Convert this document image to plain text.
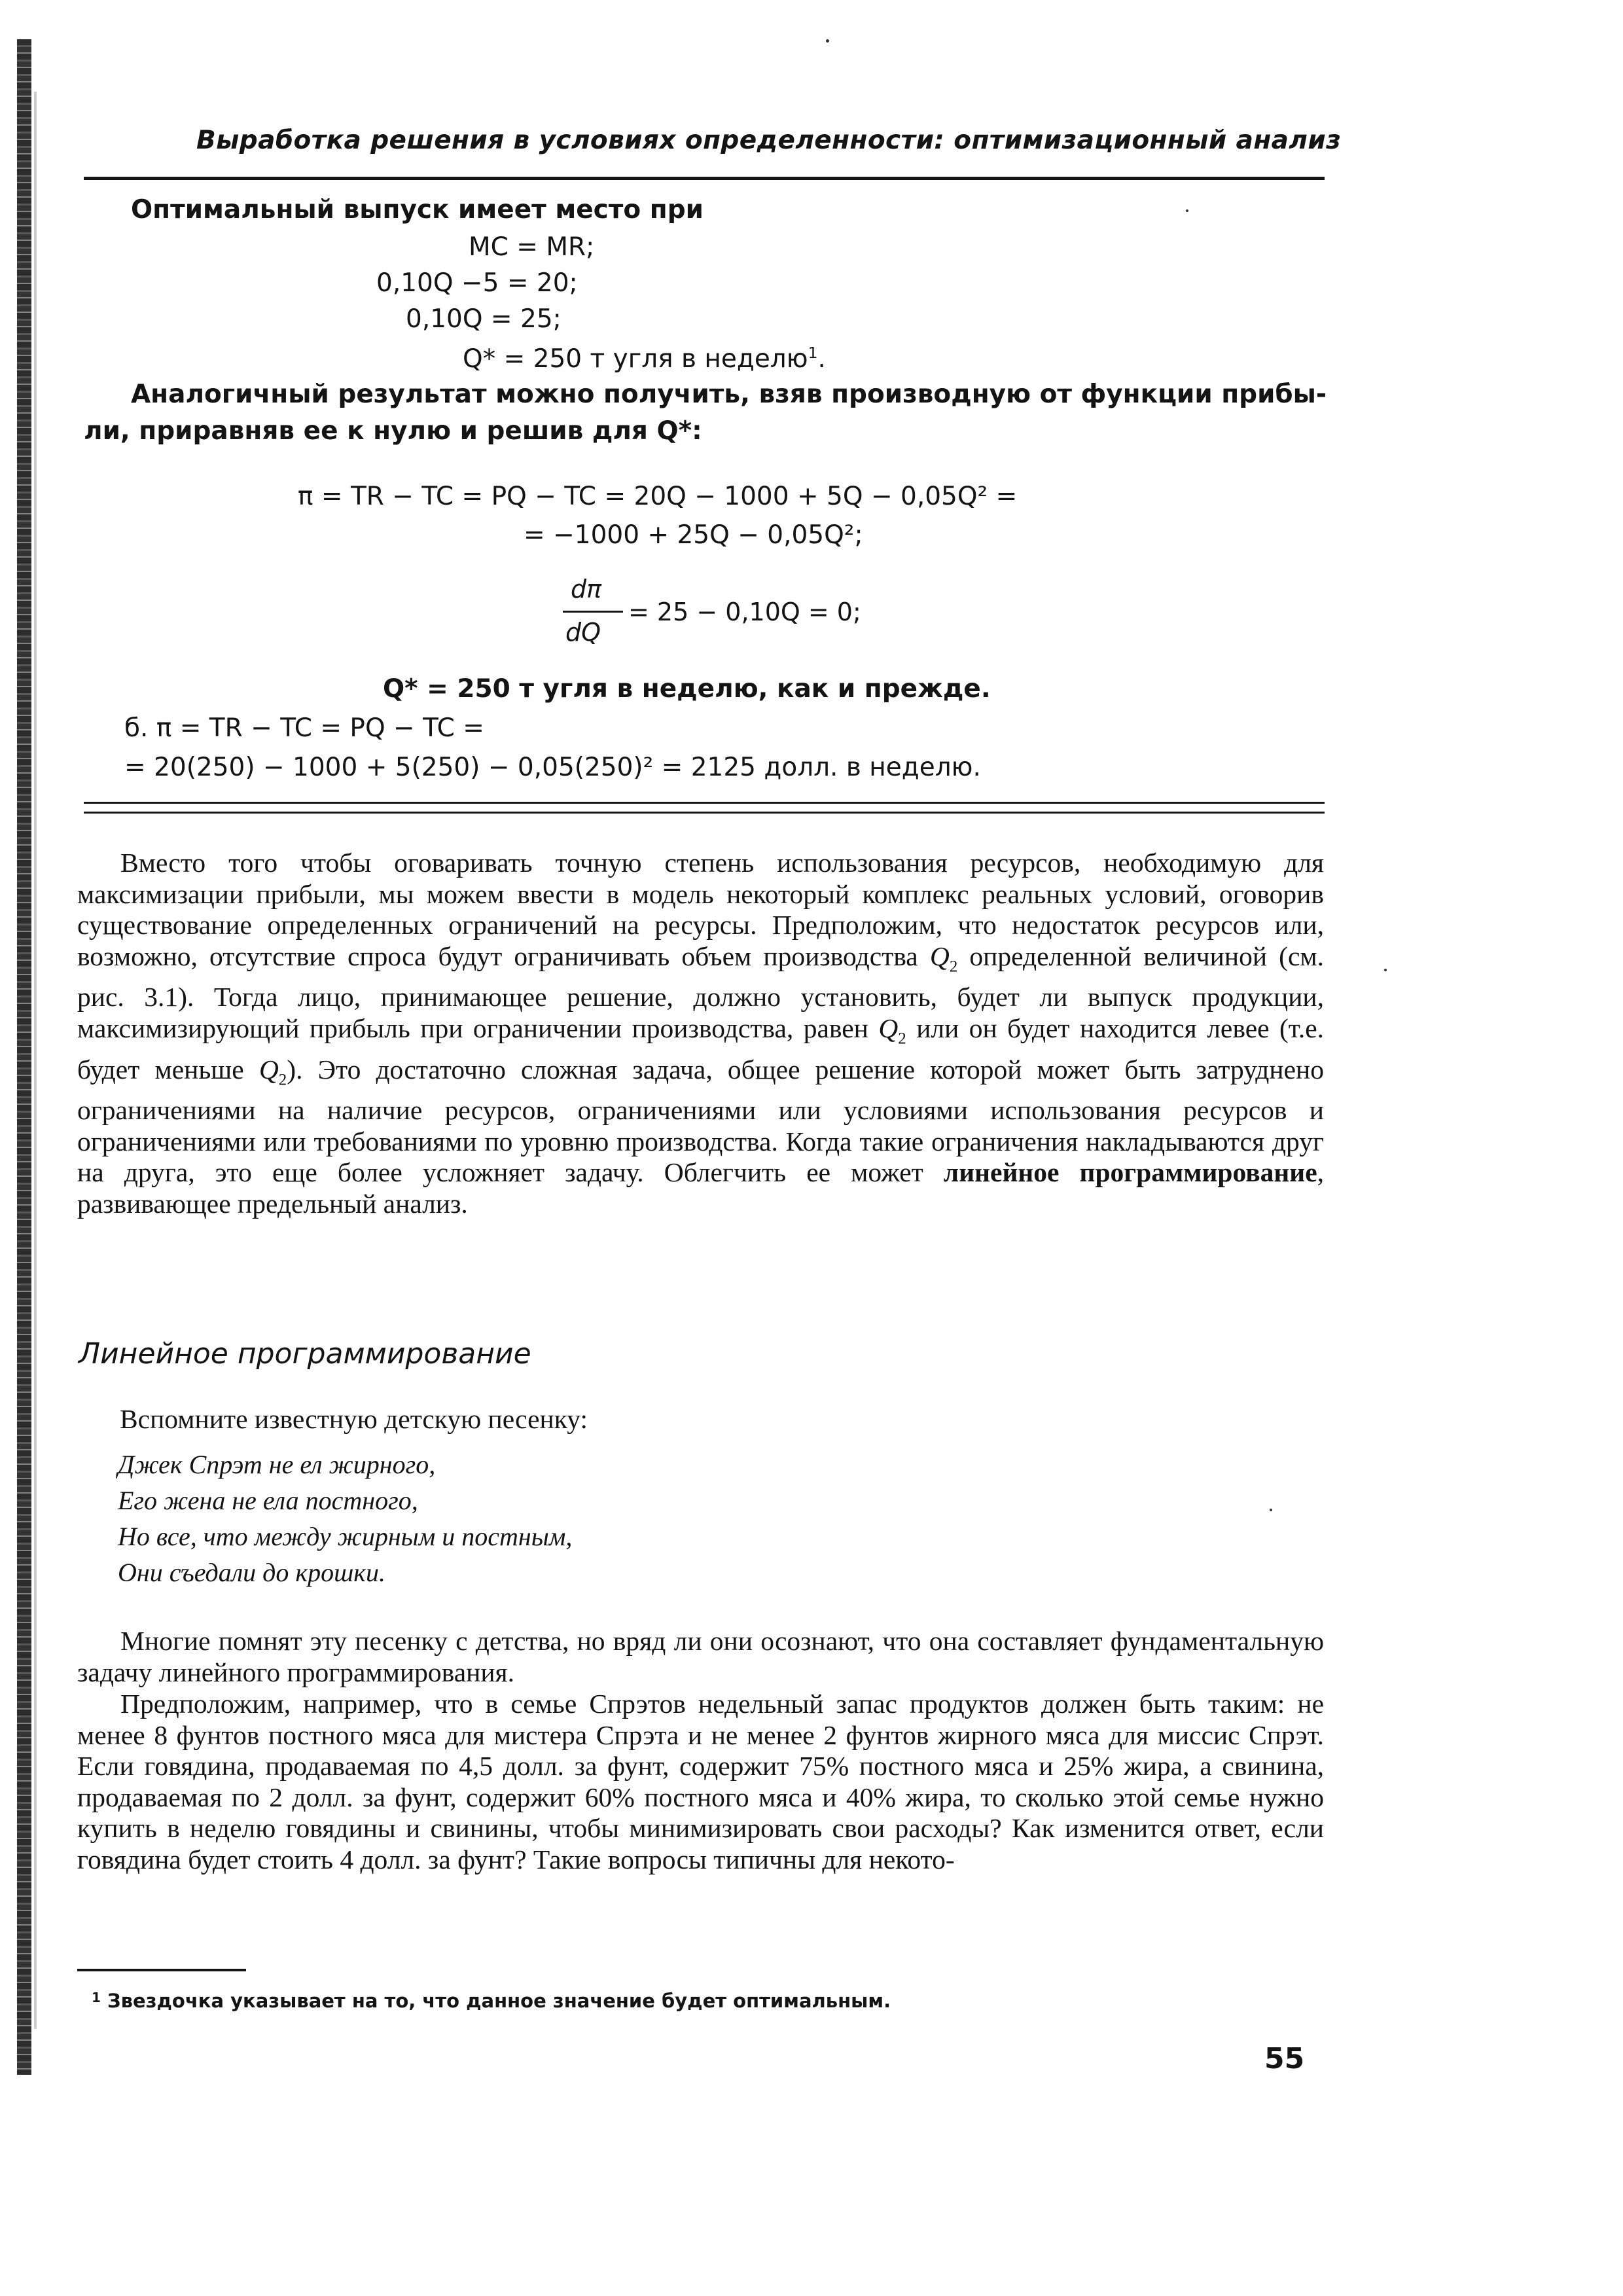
Выработка решения в условиях определенности: оптимизационный анализ
Оптимальный выпуск имеет место при
MC = MR;
0,10Q −5 = 20;
0,10Q = 25;
Q* = 250 т угля в неделю$^1$.
Аналогичный результат можно получить, взяв производную от функции прибы-
ли, приравняв ее к нулю и решив для Q*:
π = TR − TC = PQ − TC = 20Q − 1000 + 5Q − 0,05Q² =
= −1000 + 25Q − 0,05Q²;
dπ
dQ
= 25 − 0,10Q = 0;
Q* = 250 т угля в неделю, как и прежде.
б. π = TR − TC = PQ − TC =
= 20(250) − 1000 + 5(250) − 0,05(250)² = 2125 долл. в неделю.
Вместо того чтобы оговаривать точную степень использования ресурсов, необходимую для максимизации прибыли, мы можем ввести в модель некоторый комплекс реальных условий, оговорив существование определенных ограничений на ресурсы. Предположим, что недостаток ресурсов или, возможно, отсутствие спроса будут ограничивать объем производства $Q_2$ определенной величиной (см. рис. 3.1). Тогда лицо, принимающее решение, должно установить, будет ли выпуск продукции, максимизирующий прибыль при ограничении производства, равен $Q_2$ или он будет находится левее (т.е. будет меньше $Q_2$). Это достаточно сложная задача, общее решение которой может быть затруднено ограничениями на наличие ресурсов, ограничениями или условиями использования ресурсов и ограничениями или требованиями по уровню производства. Когда такие ограничения накладываются друг на друга, это еще более усложняет задачу. Облегчить ее может линейное программирование, развивающее предельный анализ.
Линейное программирование
Вспомните известную детскую песенку:
Джек Спрэт не ел жирного,
Его жена не ела постного,
Но все, что между жирным и постным,
Они съедали до крошки.
Многие помнят эту песенку с детства, но вряд ли они осознают, что она составляет фундаментальную задачу линейного программирования.
Предположим, например, что в семье Спрэтов недельный запас продуктов должен быть таким: не менее 8 фунтов постного мяса для мистера Спрэта и не менее 2 фунтов жирного мяса для миссис Спрэт. Если говядина, продаваемая по 4,5 долл. за фунт, содержит 75% постного мяса и 25% жира, а свинина, продаваемая по 2 долл. за фунт, содержит 60% постного мяса и 40% жира, то сколько этой семье нужно купить в неделю говядины и свинины, чтобы минимизировать свои расходы? Как изменится ответ, если говядина будет стоить 4 долл. за фунт? Такие вопросы типичны для некото-
$^1$ Звездочка указывает на то, что данное значение будет оптимальным.
55
